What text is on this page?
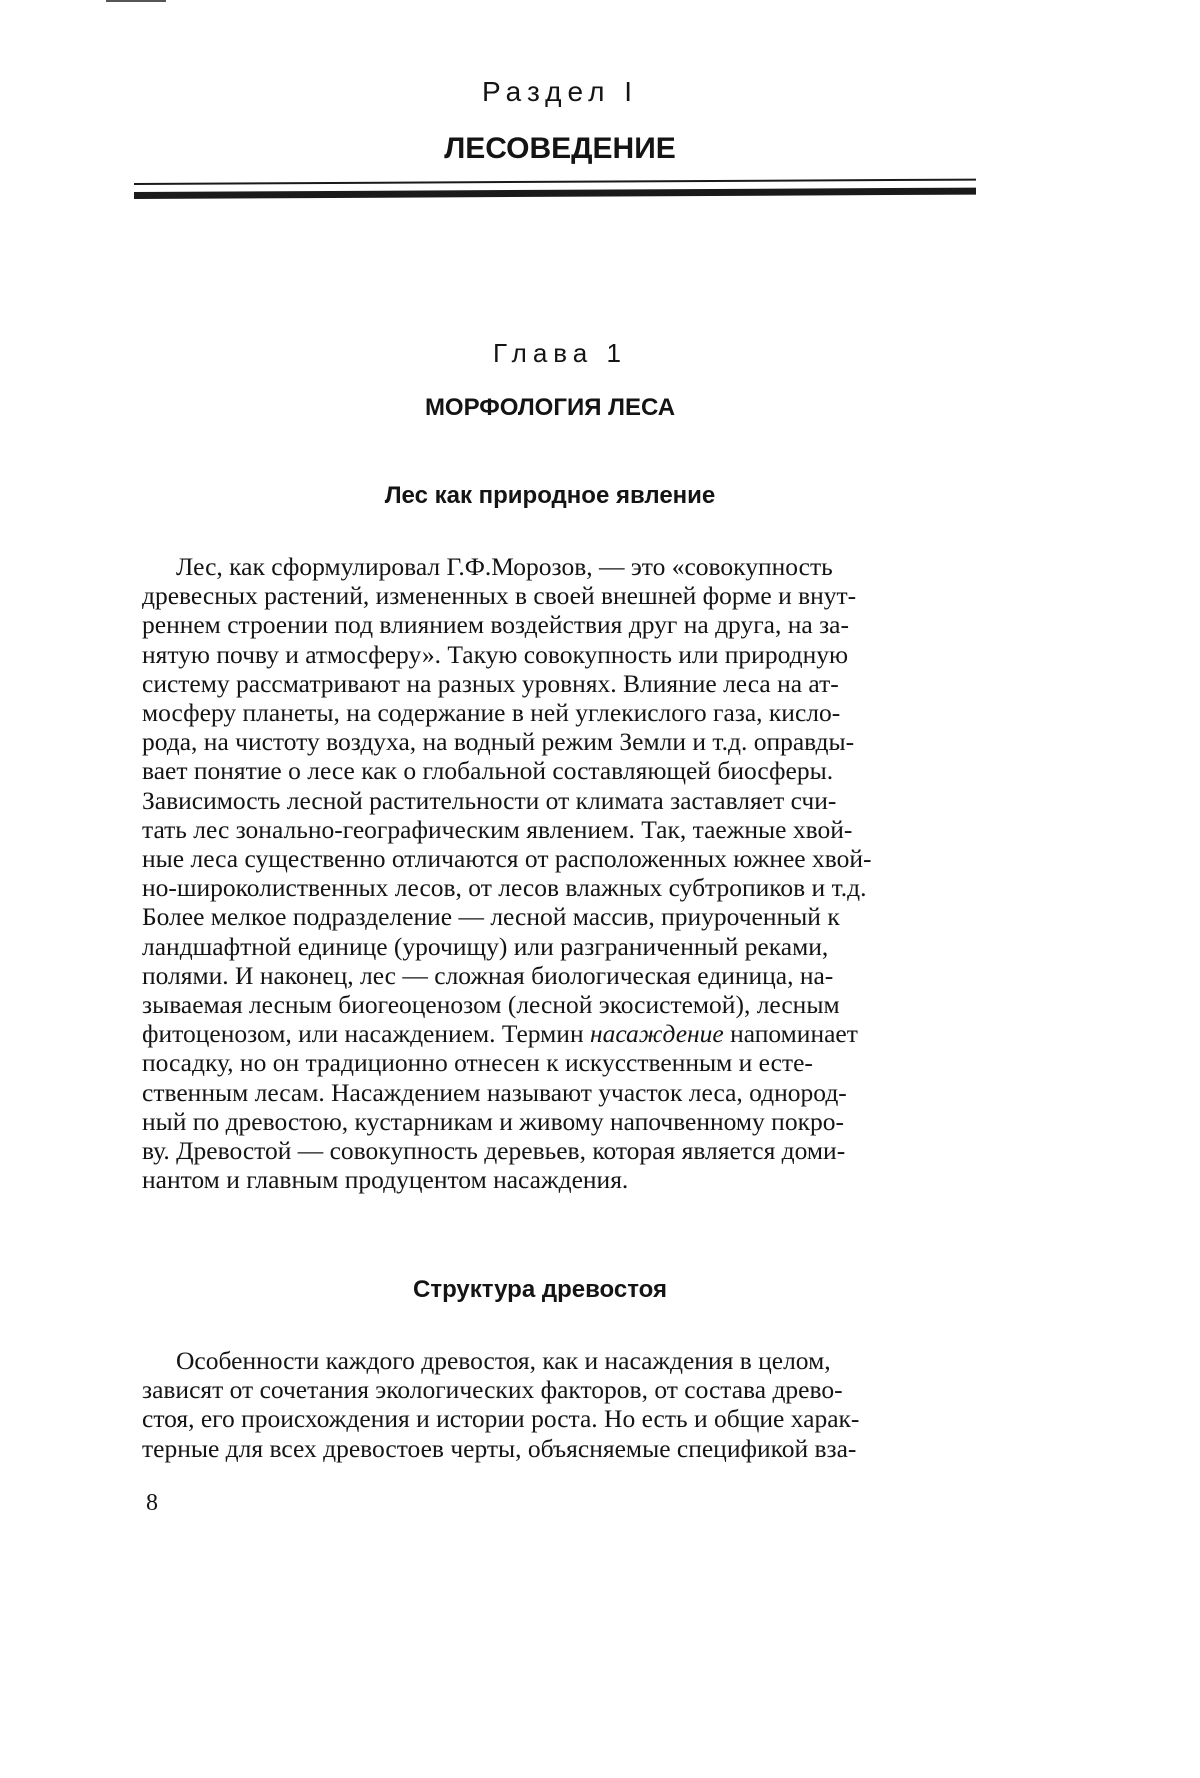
Раздел I
ЛЕСОВЕДЕНИЕ
Глава 1
МОРФОЛОГИЯ ЛЕСА
Лес как природное явление
Лес, как сформулировал Г.Ф.Морозов, — это «совокупность
древесных растений, измененных в своей внешней форме и внут-
реннем строении под влиянием воздействия друг на друга, на за-
нятую почву и атмосферу». Такую совокупность или природную
систему рассматривают на разных уровнях. Влияние леса на ат-
мосферу планеты, на содержание в ней углекислого газа, кисло-
рода, на чистоту воздуха, на водный режим Земли и т.д. оправды-
вает понятие о лесе как о глобальной составляющей биосферы.
Зависимость лесной растительности от климата заставляет счи-
тать лес зонально-географическим явлением. Так, таежные хвой-
ные леса существенно отличаются от расположенных южнее хвой-
но-широколиственных лесов, от лесов влажных субтропиков и т.д.
Более мелкое подразделение — лесной массив, приуроченный к
ландшафтной единице (урочищу) или разграниченный реками,
полями. И наконец, лес — сложная биологическая единица, на-
зываемая лесным биогеоценозом (лесной экосистемой), лесным
фитоценозом, или насаждением. Термин насаждение напоминает
посадку, но он традиционно отнесен к искусственным и есте-
ственным лесам. Насаждением называют участок леса, однород-
ный по древостою, кустарникам и живому напочвенному покро-
ву. Древостой — совокупность деревьев, которая является доми-
нантом и главным продуцентом насаждения.
Структура древостоя
Особенности каждого древостоя, как и насаждения в целом,
зависят от сочетания экологических факторов, от состава древо-
стоя, его происхождения и истории роста. Но есть и общие харак-
терные для всех древостоев черты, объясняемые спецификой вза-
8
